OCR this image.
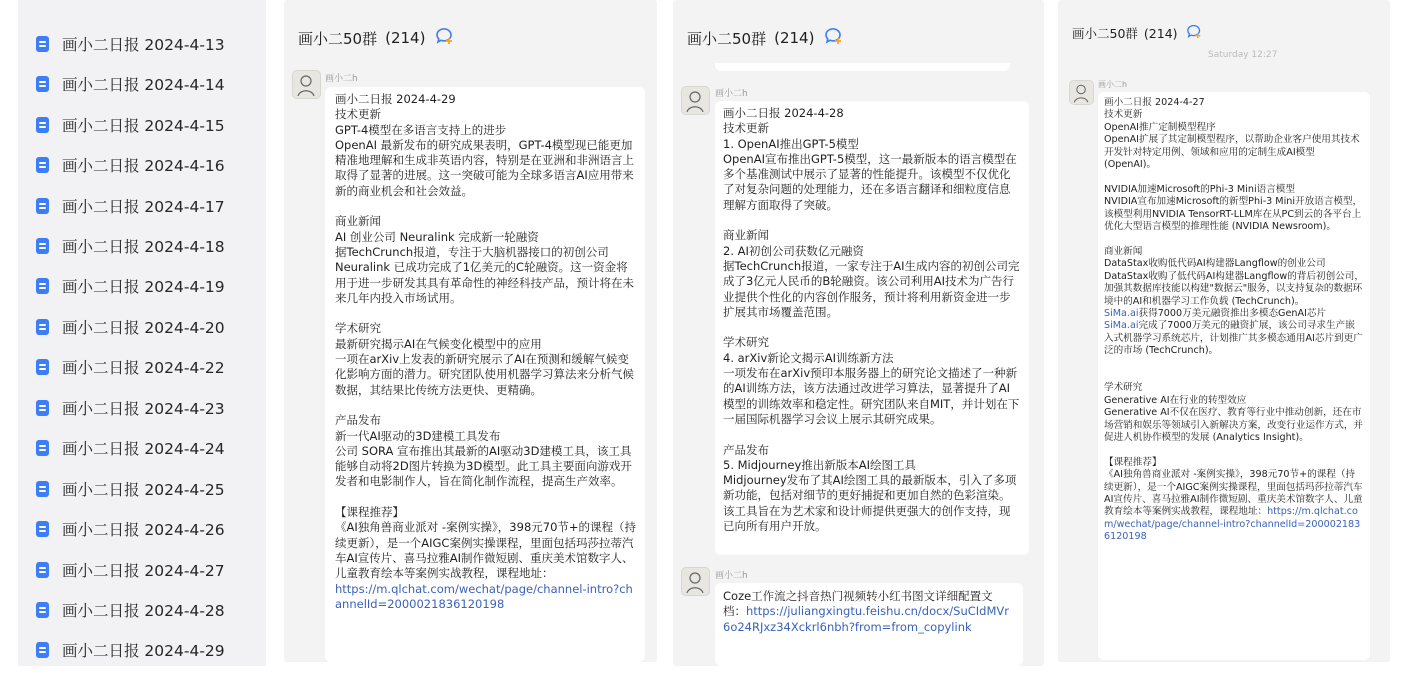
画小二日报 2024-4-13
画小二日报 2024-4-14
画小二日报 2024-4-15
画小二日报 2024-4-16
画小二日报 2024-4-17
画小二日报 2024-4-18
画小二日报 2024-4-19
画小二日报 2024-4-20
画小二日报 2024-4-22
画小二日报 2024-4-23
画小二日报 2024-4-24
画小二日报 2024-4-25
画小二日报 2024-4-26
画小二日报 2024-4-27
画小二日报 2024-4-28
画小二日报 2024-4-29
画小二50群 (214)
画小二h

画小二日报 2024-4-29
技术更新
GPT-4模型在多语言支持上的进步
OpenAI 最新发布的研究成果表明，GPT-4模型现已能更加精准地理解和生成非英语内容，特别是在亚洲和非洲语言上取得了显著的进展。这一突破可能为全球多语言AI应用带来新的商业机会和社会效益。

商业新闻
AI 创业公司 Neuralink 完成新一轮融资
据TechCrunch报道，专注于大脑机器接口的初创公司Neuralink 已成功完成了1亿美元的C轮融资。这一资金将用于进一步研发其具有革命性的神经科技产品，预计将在未来几年内投入市场试用。

学术研究
最新研究揭示AI在气候变化模型中的应用
一项在arXiv上发表的新研究展示了AI在预测和缓解气候变化影响方面的潜力。研究团队使用机器学习算法来分析气候数据，其结果比传统方法更快、更精确。

产品发布
新一代AI驱动的3D建模工具发布
公司 SORA 宣布推出其最新的AI驱动3D建模工具，该工具能够自动将2D图片转换为3D模型。此工具主要面向游戏开发者和电影制作人，旨在简化制作流程，提高生产效率。

【课程推荐】
《AI独角兽商业派对 -案例实操》，398元70节+的课程（持续更新），是一个AIGC案例实操课程，里面包括玛莎拉蒂汽车AI宣传片、喜马拉雅AI制作微短剧、重庆美术馆数字人、儿童教育绘本等案例实战教程，课程地址：

https://m.qlchat.com/wechat/page/channel-intro?channelId=2000021836120198
画小二50群 (214)
画小二h

画小二日报 2024-4-28
技术更新
1. OpenAI推出GPT-5模型
OpenAI宣布推出GPT-5模型，这一最新版本的语言模型在多个基准测试中展示了显著的性能提升。该模型不仅优化了对复杂问题的处理能力，还在多语言翻译和细粒度信息理解方面取得了突破。

商业新闻
2. AI初创公司获数亿元融资
据TechCrunch报道，一家专注于AI生成内容的初创公司完成了3亿元人民币的B轮融资。该公司利用AI技术为广告行业提供个性化的内容创作服务，预计将利用新资金进一步扩展其市场覆盖范围。

学术研究
4. arXiv新论文揭示AI训练新方法
一项发布在arXiv预印本服务器上的研究论文描述了一种新的AI训练方法，该方法通过改进学习算法，显著提升了AI模型的训练效率和稳定性。研究团队来自MIT，并计划在下一届国际机器学习会议上展示其研究成果。

产品发布
5. Midjourney推出新版本AI绘图工具
Midjourney发布了其AI绘图工具的最新版本，引入了多项新功能，包括对细节的更好捕捉和更加自然的色彩渲染。该工具旨在为艺术家和设计师提供更强大的创作支持，现已向所有用户开放。

画小二h
Coze工作流之抖音热门视频转小红书图文详细配置文档：https://juliangxingtu.feishu.cn/docx/SuCIdMVr6o24RJxz34Xckrl6nbh?from=from_copylink
画小二50群 (214)
Saturday 12:27
画小二h

画小二日报 2024-4-27
技术更新
OpenAI推广定制模型程序
OpenAI扩展了其定制模型程序，以帮助企业客户使用其技术开发针对特定用例、领域和应用的定制生成AI模型 (OpenAI)。

NVIDIA加速Microsoft的Phi-3 Mini语言模型
NVIDIA宣布加速Microsoft的新型Phi-3 Mini开放语言模型，该模型利用NVIDIA TensorRT-LLM库在从PC到云的各平台上优化大型语言模型的推理性能 (NVIDIA Newsroom)。

商业新闻
DataStax收购低代码AI构建器Langflow的创业公司
DataStax收购了低代码AI构建器Langflow的背后初创公司，加强其数据库技能以构建"数据云"服务，以支持复杂的数据环境中的AI和机器学习工作负载 (TechCrunch)。

SiMa.ai获得7000万美元融资推出多模态GenAI芯片
SiMa.ai完成了7000万美元的融资扩展，该公司寻求生产嵌入式机器学习系统芯片，计划推广其多模态通用AI芯片到更广泛的市场 (TechCrunch)。

学术研究
Generative AI在行业的转型效应
Generative AI不仅在医疗、教育等行业中推动创新，还在市场营销和娱乐等领域引入新解决方案，改变行业运作方式，并促进人机协作模型的发展 (Analytics Insight)。

【课程推荐】
《AI独角兽商业派对 -案例实操》，398元70节+的课程（持续更新），是一个AIGC案例实操课程，里面包括玛莎拉蒂汽车AI宣传片、喜马拉雅AI制作微短剧、重庆美术馆数字人、儿童教育绘本等案例实战教程，课程地址：https://m.qlchat.com/wechat/page/channel-intro?channelId=2000021836120198
